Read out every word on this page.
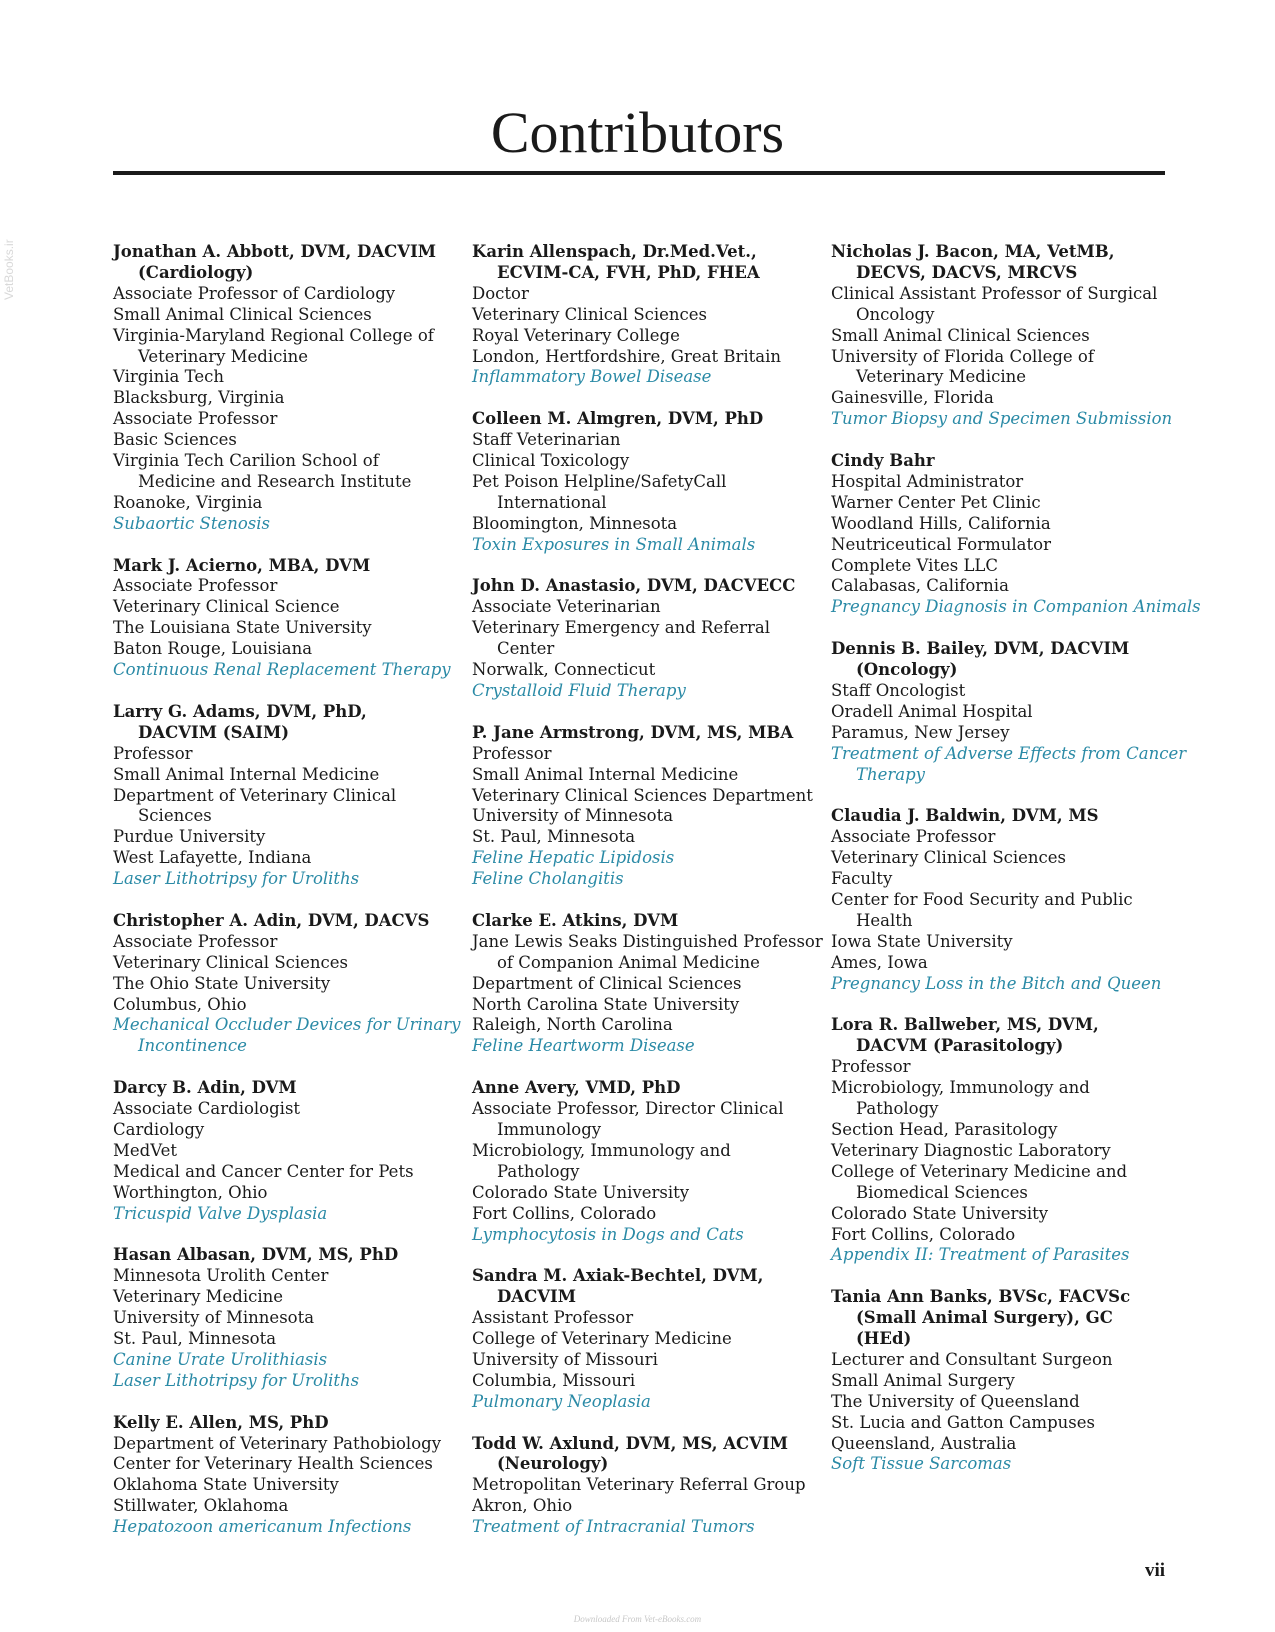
VetBooks.ir
Contributors
Jonathan A. Abbott, DVM, DACVIM
(Cardiology)
Associate Professor of Cardiology
Small Animal Clinical Sciences
Virginia-Maryland Regional College of
Veterinary Medicine
Virginia Tech
Blacksburg, Virginia
Associate Professor
Basic Sciences
Virginia Tech Carilion School of
Medicine and Research Institute
Roanoke, Virginia
Subaortic Stenosis
Mark J. Acierno, MBA, DVM
Associate Professor
Veterinary Clinical Science
The Louisiana State University
Baton Rouge, Louisiana
Continuous Renal Replacement Therapy
Larry G. Adams, DVM, PhD,
DACVIM (SAIM)
Professor
Small Animal Internal Medicine
Department of Veterinary Clinical
Sciences
Purdue University
West Lafayette, Indiana
Laser Lithotripsy for Uroliths
Christopher A. Adin, DVM, DACVS
Associate Professor
Veterinary Clinical Sciences
The Ohio State University
Columbus, Ohio
Mechanical Occluder Devices for Urinary
Incontinence
Darcy B. Adin, DVM
Associate Cardiologist
Cardiology
MedVet
Medical and Cancer Center for Pets
Worthington, Ohio
Tricuspid Valve Dysplasia
Hasan Albasan, DVM, MS, PhD
Minnesota Urolith Center
Veterinary Medicine
University of Minnesota
St. Paul, Minnesota
Canine Urate Urolithiasis
Laser Lithotripsy for Uroliths
Kelly E. Allen, MS, PhD
Department of Veterinary Pathobiology
Center for Veterinary Health Sciences
Oklahoma State University
Stillwater, Oklahoma
Hepatozoon americanum Infections
Karin Allenspach, Dr.Med.Vet.,
ECVIM-CA, FVH, PhD, FHEA
Doctor
Veterinary Clinical Sciences
Royal Veterinary College
London, Hertfordshire, Great Britain
Inflammatory Bowel Disease
Colleen M. Almgren, DVM, PhD
Staff Veterinarian
Clinical Toxicology
Pet Poison Helpline/SafetyCall
International
Bloomington, Minnesota
Toxin Exposures in Small Animals
John D. Anastasio, DVM, DACVECC
Associate Veterinarian
Veterinary Emergency and Referral
Center
Norwalk, Connecticut
Crystalloid Fluid Therapy
P. Jane Armstrong, DVM, MS, MBA
Professor
Small Animal Internal Medicine
Veterinary Clinical Sciences Department
University of Minnesota
St. Paul, Minnesota
Feline Hepatic Lipidosis
Feline Cholangitis
Clarke E. Atkins, DVM
Jane Lewis Seaks Distinguished Professor
of Companion Animal Medicine
Department of Clinical Sciences
North Carolina State University
Raleigh, North Carolina
Feline Heartworm Disease
Anne Avery, VMD, PhD
Associate Professor, Director Clinical
Immunology
Microbiology, Immunology and
Pathology
Colorado State University
Fort Collins, Colorado
Lymphocytosis in Dogs and Cats
Sandra M. Axiak-Bechtel, DVM,
DACVIM
Assistant Professor
College of Veterinary Medicine
University of Missouri
Columbia, Missouri
Pulmonary Neoplasia
Todd W. Axlund, DVM, MS, ACVIM
(Neurology)
Metropolitan Veterinary Referral Group
Akron, Ohio
Treatment of Intracranial Tumors
Nicholas J. Bacon, MA, VetMB,
DECVS, DACVS, MRCVS
Clinical Assistant Professor of Surgical
Oncology
Small Animal Clinical Sciences
University of Florida College of
Veterinary Medicine
Gainesville, Florida
Tumor Biopsy and Specimen Submission
Cindy Bahr
Hospital Administrator
Warner Center Pet Clinic
Woodland Hills, California
Neutriceutical Formulator
Complete Vites LLC
Calabasas, California
Pregnancy Diagnosis in Companion Animals
Dennis B. Bailey, DVM, DACVIM
(Oncology)
Staff Oncologist
Oradell Animal Hospital
Paramus, New Jersey
Treatment of Adverse Effects from Cancer
Therapy
Claudia J. Baldwin, DVM, MS
Associate Professor
Veterinary Clinical Sciences
Faculty
Center for Food Security and Public
Health
Iowa State University
Ames, Iowa
Pregnancy Loss in the Bitch and Queen
Lora R. Ballweber, MS, DVM,
DACVM (Parasitology)
Professor
Microbiology, Immunology and
Pathology
Section Head, Parasitology
Veterinary Diagnostic Laboratory
College of Veterinary Medicine and
Biomedical Sciences
Colorado State University
Fort Collins, Colorado
Appendix II: Treatment of Parasites
Tania Ann Banks, BVSc, FACVSc
(Small Animal Surgery), GC
(HEd)
Lecturer and Consultant Surgeon
Small Animal Surgery
The University of Queensland
St. Lucia and Gatton Campuses
Queensland, Australia
Soft Tissue Sarcomas
vii
Downloaded From Vet-eBooks.com
